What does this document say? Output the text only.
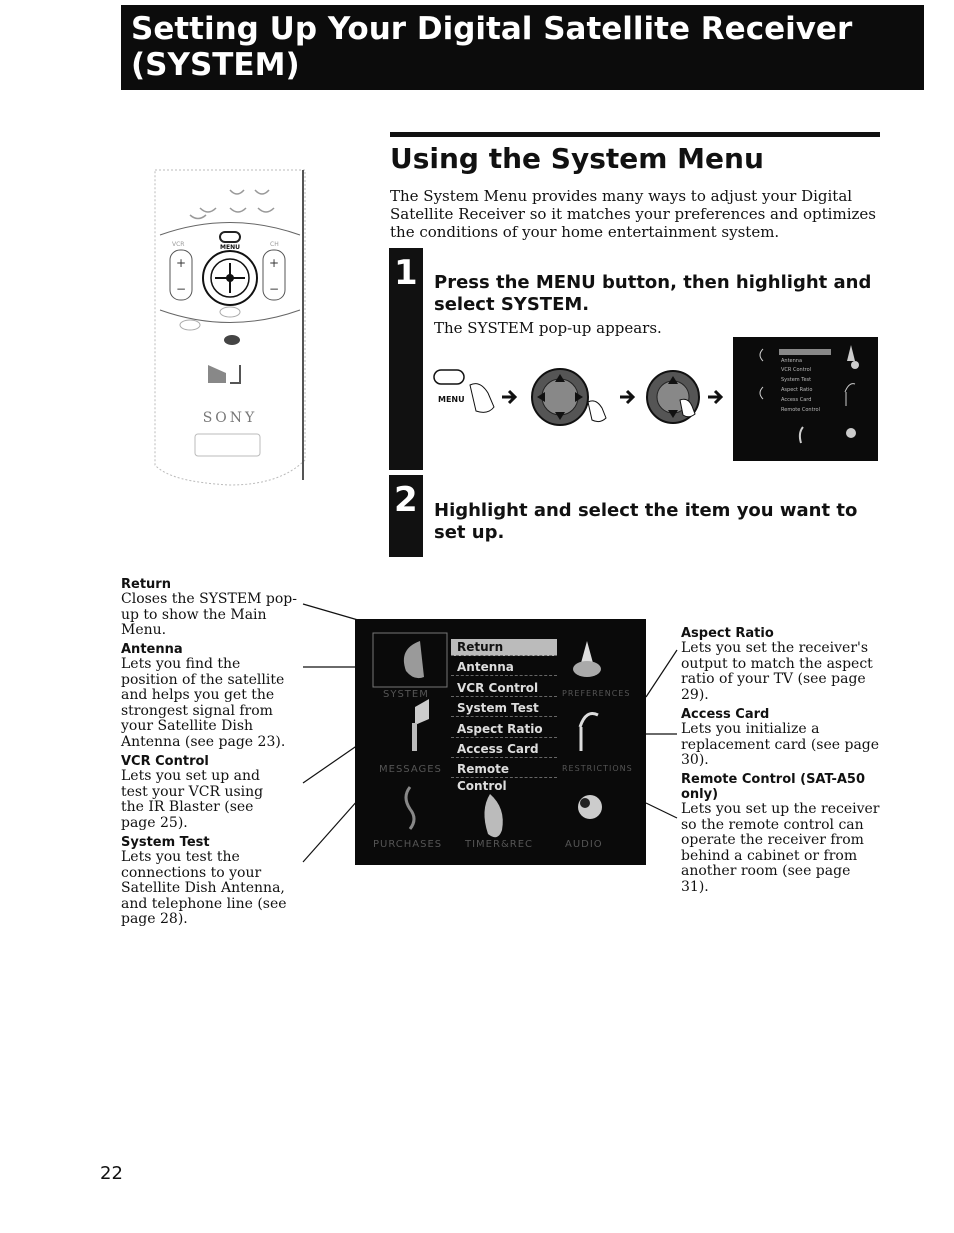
Setting Up Your Digital Satellite Receiver
(SYSTEM)
+
−
+
−
VCR	CH
MENU
SONY
Using the System Menu
The System Menu provides many ways to adjust your Digital Satellite Receiver so it matches your preferences and optimizes the conditions of your home entertainment system.
1 Press the MENU button, then highlight and select SYSTEM.
The SYSTEM pop-up appears.
MENU
Antenna
VCR Control
System Test
Aspect Ratio
Access Card
Remote Control
2 Highlight and select the item you want to set up.
Return
Closes the SYSTEM pop-up to show the Main Menu.
Antenna
Lets you find the position of the satellite and helps you get the strongest signal from your Satellite Dish Antenna (see page 23).
VCR Control
Lets you set up and test your VCR using the IR Blaster (see page 25).
System Test
Lets you test the connections to your Satellite Dish Antenna, and telephone line (see page 28).
Aspect Ratio
Lets you set the receiver's output to match the aspect ratio of your TV (see page 29).
Access Card
Lets you initialize a replacement card (see page 30).
Remote Control (SAT-A50 only)
Lets you set up the receiver so the remote control can operate the receiver from behind a cabinet or from another room (see page 31).
Return
Antenna
VCR Control
System Test
Aspect Ratio
Access Card
Remote Control
SYSTEM	PREFERENCES
MESSAGES	RESTRICTIONS
PURCHASES TIMER&REC	AUDIO
22
